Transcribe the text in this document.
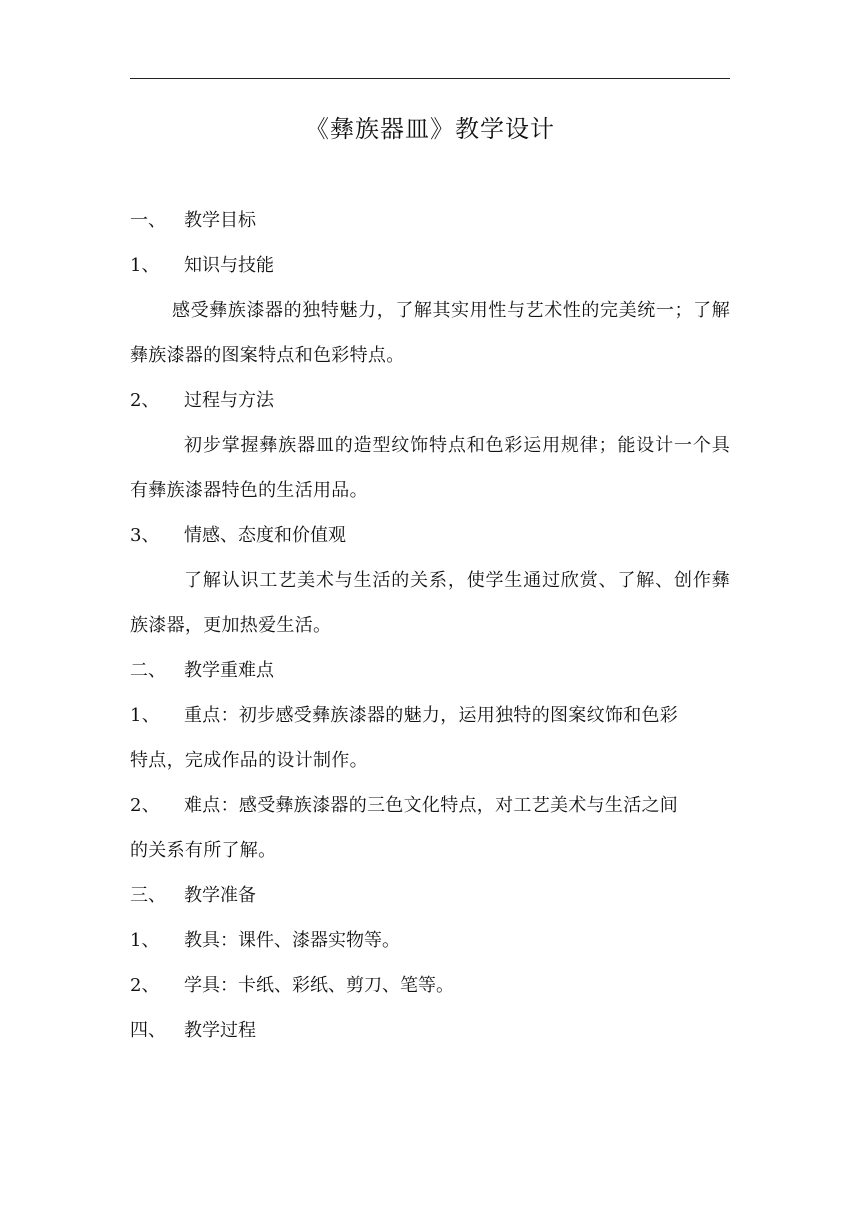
《彝族器皿》教学设计
一、	教学目标
1、	知识与技能
感受彝族漆器的独特魅力，了解其实用性与艺术性的完美统一；了解彝族漆器的图案特点和色彩特点。
2、	过程与方法
初步掌握彝族器皿的造型纹饰特点和色彩运用规律；能设计一个具有彝族漆器特色的生活用品。
3、	情感、态度和价值观
了解认识工艺美术与生活的关系，使学生通过欣赏、了解、创作彝族漆器，更加热爱生活。
二、	教学重难点
1、	重点：初步感受彝族漆器的魅力，运用独特的图案纹饰和色彩
特点，完成作品的设计制作。
2、	难点：感受彝族漆器的三色文化特点，对工艺美术与生活之间
的关系有所了解。
三、	教学准备
1、	教具：课件、漆器实物等。
2、	学具：卡纸、彩纸、剪刀、笔等。
四、	教学过程
